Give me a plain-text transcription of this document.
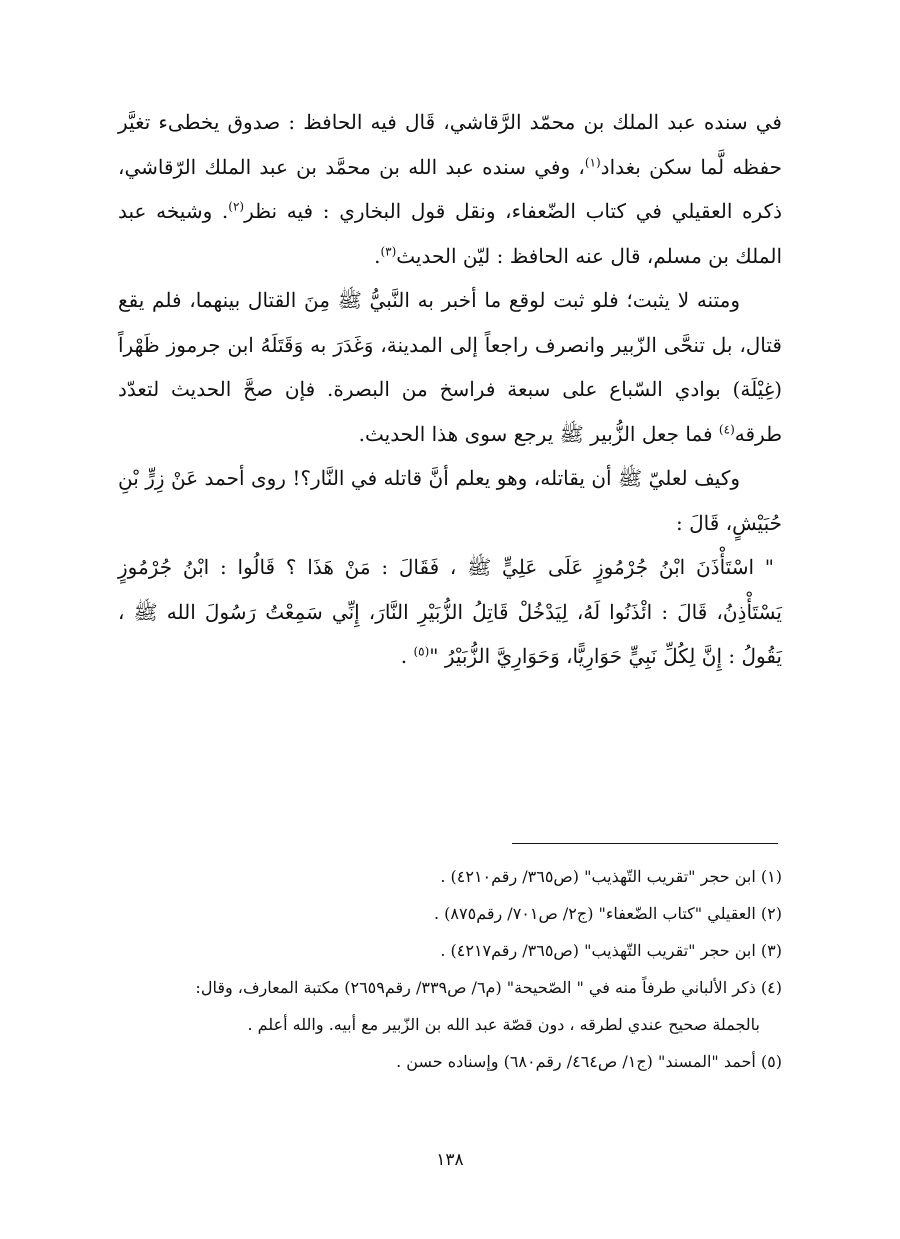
في سنده عبد الملك بن محمّد الرَّقاشي، قَال فيه الحافظ : صدوق يخطىء تغيَّر حفظه لَّما سكن بغداد$^{(١)}$، وفي سنده عبد الله بن محمَّد بن عبد الملك الرّقاشي، ذكره العقيلي في كتاب الضّعفاء، ونقل قول البخاري : فيه نظر$^{(٢)}$. وشيخه عبد الملك بن مسلم، قال عنه الحافظ : ليّن الحديث$^{(٣)}$.

ومتنه لا يثبت؛ فلو ثبت لوقع ما أخبر به النَّبيُّ ﷺ مِنَ القتال بينهما، فلم يقع قتال، بل تنحَّى الزّبير وانصرف راجعاً إلى المدينة، وَغَدَرَ به وَقَتَلَهُ ابن جرموز ظَهْراً (غِيْلَة) بوادي السّباع على سبعة فراسخ من البصرة. فإن صحَّ الحديث لتعدّد طرقه$^{(٤)}$ فما جعل الزُّبير ﷺ يرجع سوى هذا الحديث.

وكيف لعليّ ﷺ أن يقاتله، وهو يعلم أنَّ قاتله في النَّار؟! روى أحمد عَنْ زِرٍّ بْنِ حُبَيْشٍ، قَالَ :

" اسْتَأْذَنَ ابْنُ جُرْمُوزٍ عَلَى عَلِيٍّ ﷺ ، فَقَالَ : مَنْ هَذَا ؟ قَالُوا : ابْنُ جُرْمُوزٍ يَسْتَأْذِنُ، قَالَ : ائْذَنُوا لَهُ، لِيَدْخُلْ قَاتِلُ الزُّبَيْرِ النَّارَ، إِنِّي سَمِعْتُ رَسُولَ الله ﷺ ، يَقُولُ : إِنَّ لِكُلِّ نَبِيٍّ حَوَارِيًّا، وَحَوَارِيَّ الزُّبَيْرُ "$^{(٥)}$ .

(١) ابن حجر "تقريب التّهذيب" (ص٣٦٥/ رقم٤٢١٠) .

(٢) العقيلي "كتاب الضّعفاء" (ج٢/ ص٧٠١/ رقم٨٧٥) .

(٣) ابن حجر "تقريب التّهذيب" (ص٣٦٥/ رقم٤٢١٧) .

(٤) ذكر الألباني طرفاً منه في " الصّحيحة" (م٦/ ص٣٣٩/ رقم٢٦٥٩) مكتبة المعارف، وقال:

بالجملة صحيح عندي لطرقه ، دون قصّة عبد الله بن الزّبير مع أبيه. والله أعلم .

(٥) أحمد "المسند" (ج١/ ص٤٦٤/ رقم٦٨٠) وإسناده حسن .

١٣٨
